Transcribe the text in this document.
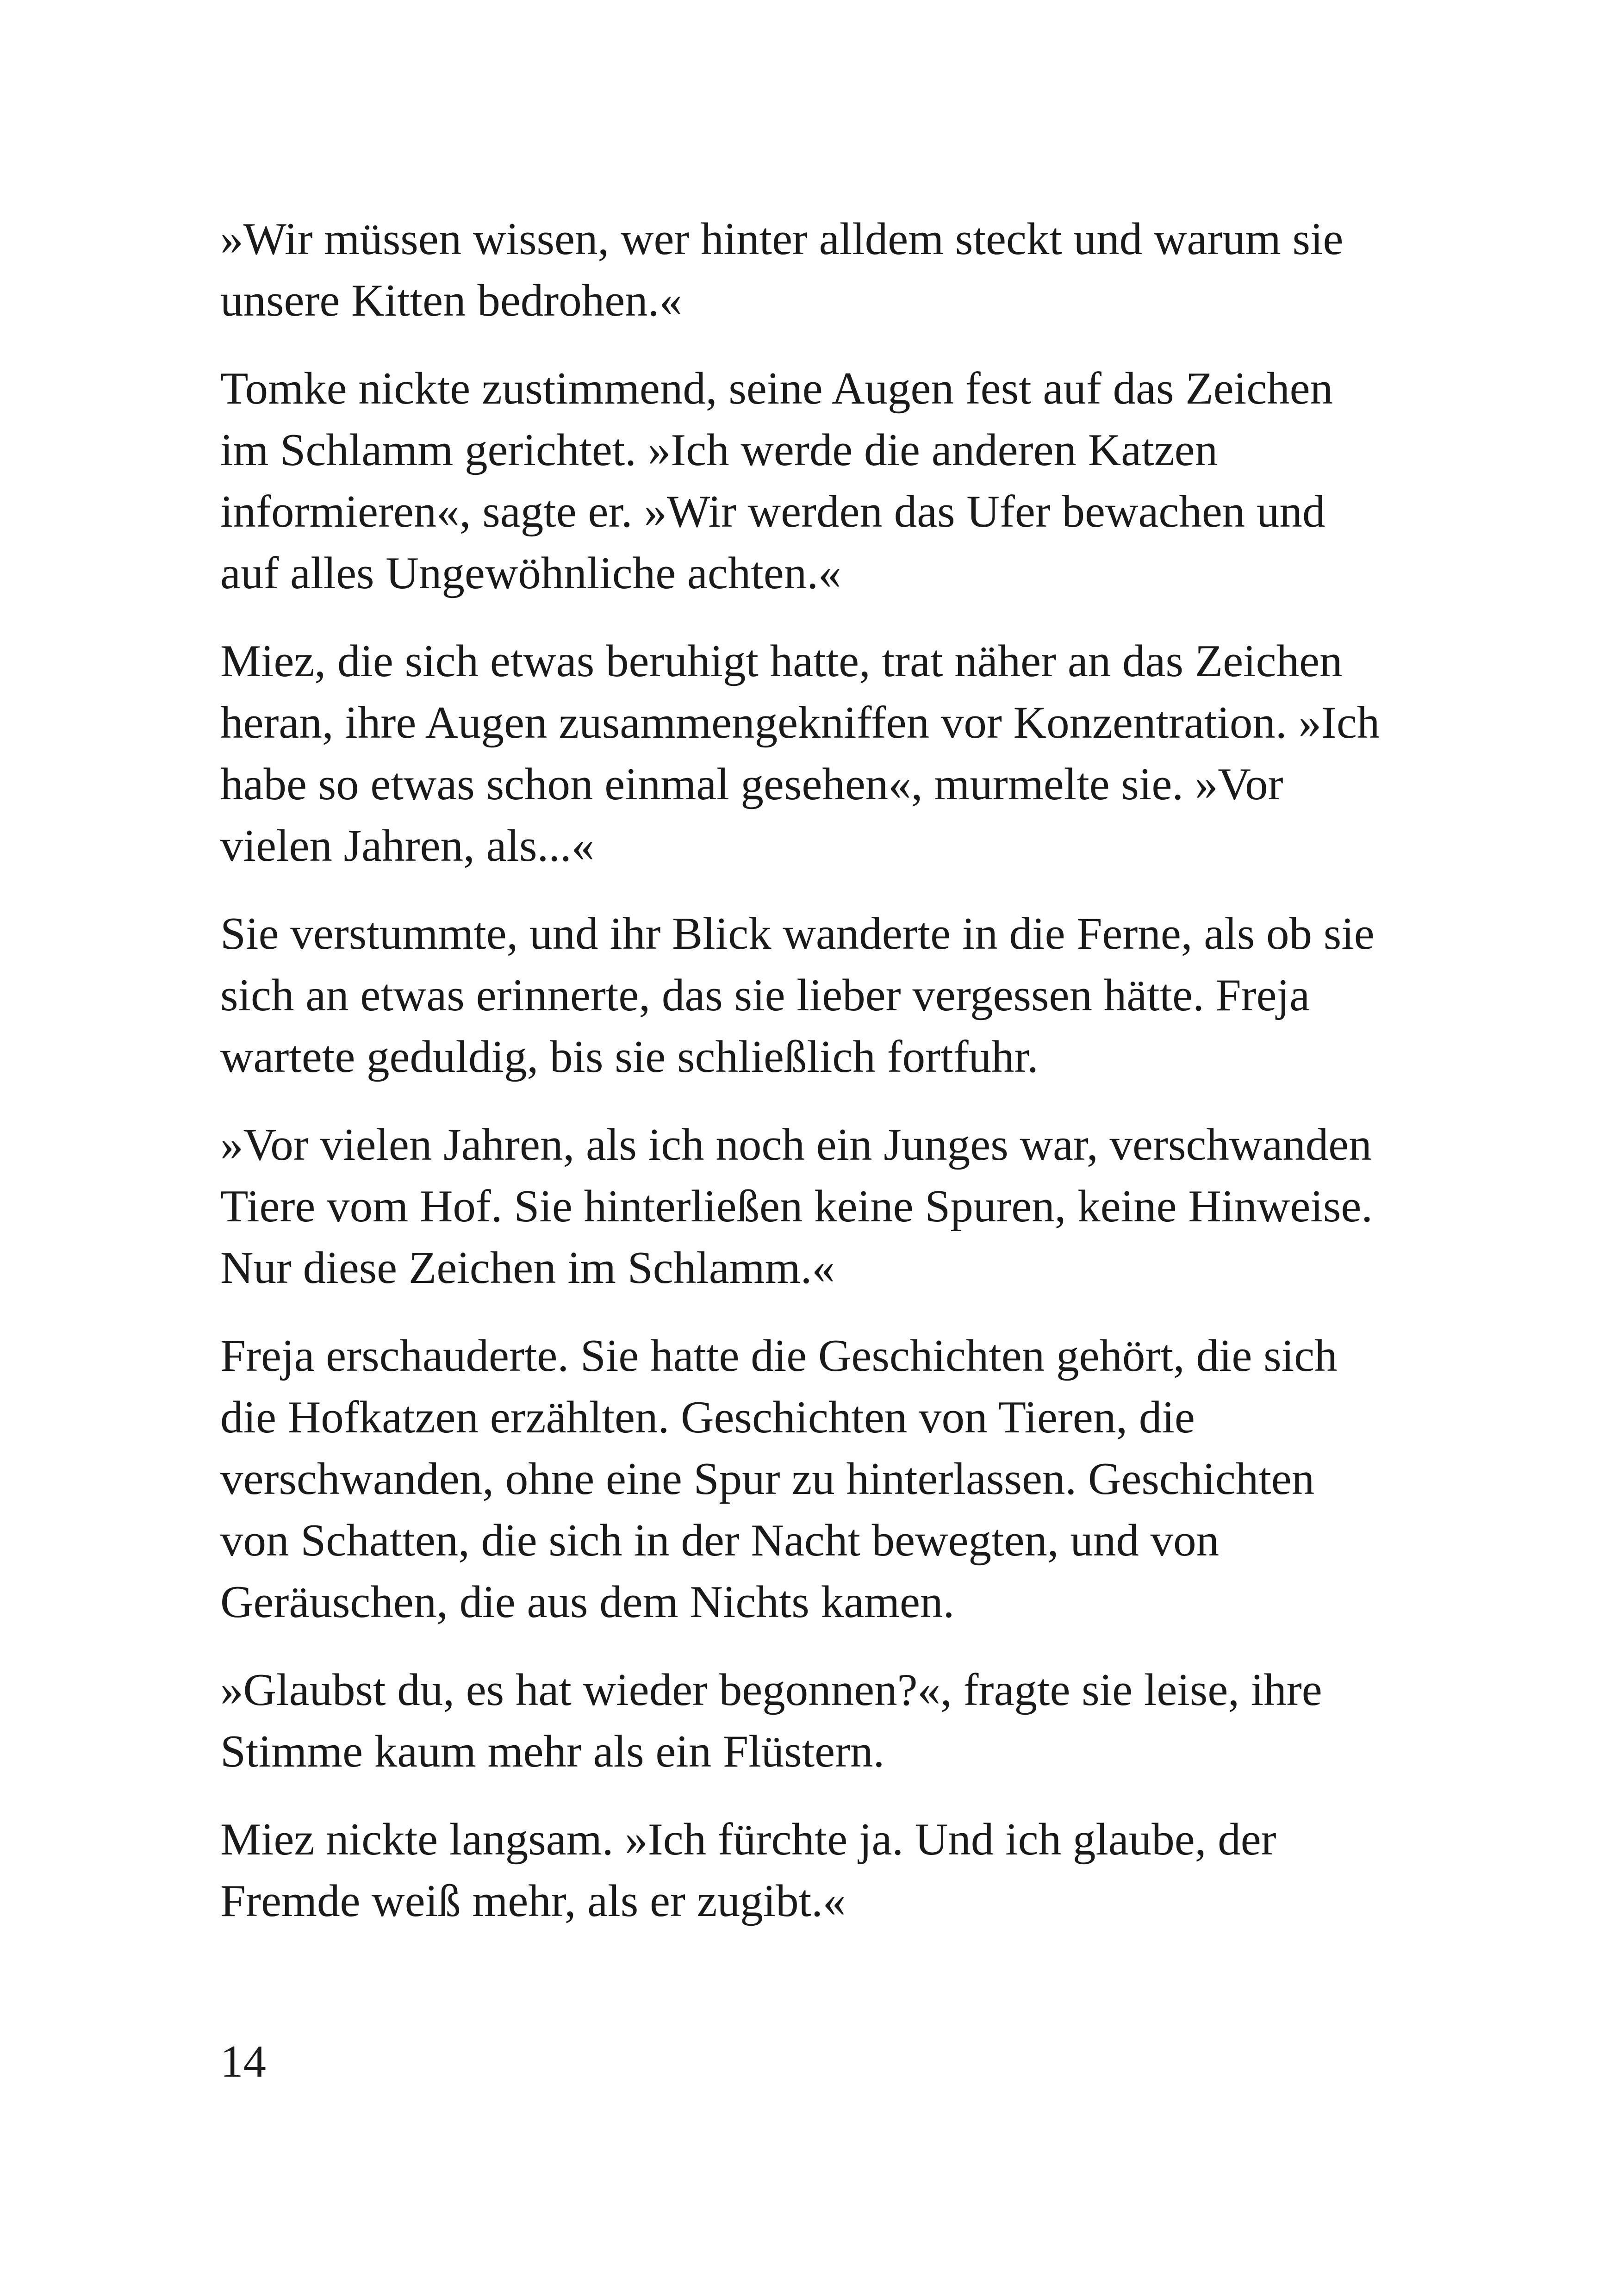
»Wir müssen wissen, wer hinter alldem steckt und warum sie
unsere Kitten bedrohen.«

Tomke nickte zustimmend, seine Augen fest auf das Zeichen
im Schlamm gerichtet. »Ich werde die anderen Katzen
informieren«, sagte er. »Wir werden das Ufer bewachen und
auf alles Ungewöhnliche achten.«

Miez, die sich etwas beruhigt hatte, trat näher an das Zeichen
heran, ihre Augen zusammengekniffen vor Konzentration. »Ich
habe so etwas schon einmal gesehen«, murmelte sie. »Vor
vielen Jahren, als...«

Sie verstummte, und ihr Blick wanderte in die Ferne, als ob sie
sich an etwas erinnerte, das sie lieber vergessen hätte. Freja
wartete geduldig, bis sie schließlich fortfuhr.

»Vor vielen Jahren, als ich noch ein Junges war, verschwanden
Tiere vom Hof. Sie hinterließen keine Spuren, keine Hinweise.
Nur diese Zeichen im Schlamm.«

Freja erschauderte. Sie hatte die Geschichten gehört, die sich
die Hofkatzen erzählten. Geschichten von Tieren, die
verschwanden, ohne eine Spur zu hinterlassen. Geschichten
von Schatten, die sich in der Nacht bewegten, und von
Geräuschen, die aus dem Nichts kamen.

»Glaubst du, es hat wieder begonnen?«, fragte sie leise, ihre
Stimme kaum mehr als ein Flüstern.

Miez nickte langsam. »Ich fürchte ja. Und ich glaube, der
Fremde weiß mehr, als er zugibt.«

14
